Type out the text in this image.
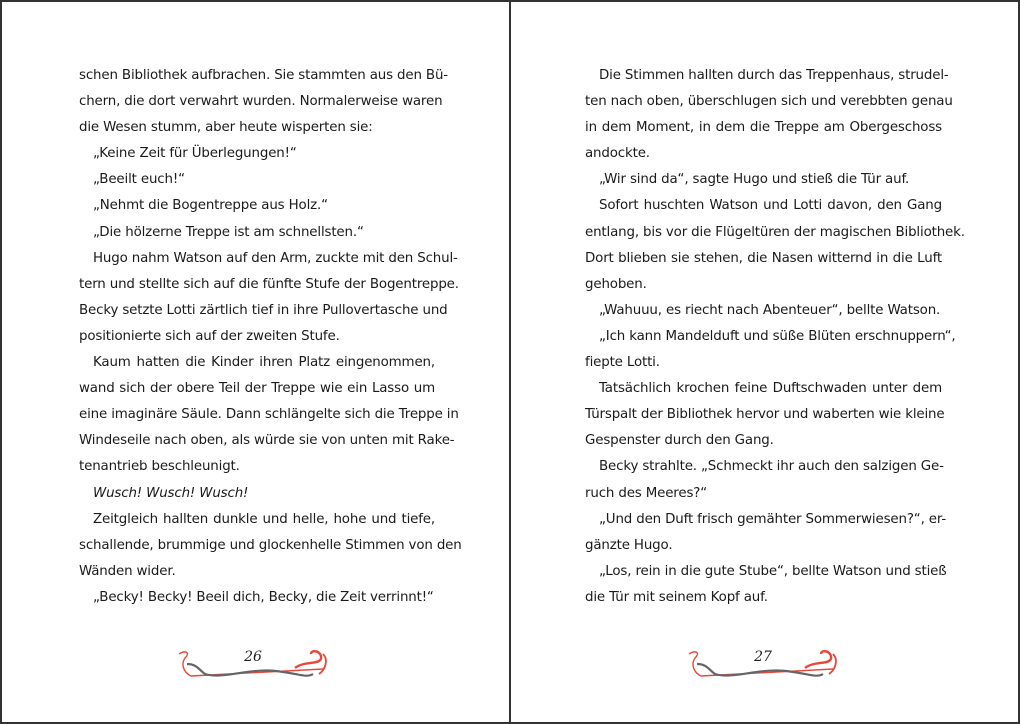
schen Bibliothek aufbrachen. Sie stammten aus den Bü-
chern, die dort verwahrt wurden. Normalerweise waren
die Wesen stumm, aber heute wisperten sie:
„Keine Zeit für Überlegungen!“
„Beeilt euch!“
„Nehmt die Bogentreppe aus Holz.“
„Die hölzerne Treppe ist am schnellsten.“
Hugo nahm Watson auf den Arm, zuckte mit den Schul-
tern und stellte sich auf die fünfte Stufe der Bogentreppe.
Becky setzte Lotti zärtlich tief in ihre Pullovertasche und
positionierte sich auf der zweiten Stufe.
Kaum hatten die Kinder ihren Platz eingenommen,
wand sich der obere Teil der Treppe wie ein Lasso um
eine imaginäre Säule. Dann schlängelte sich die Treppe in
Windeseile nach oben, als würde sie von unten mit Rake-
tenantrieb beschleunigt.
Wusch! Wusch! Wusch!
Zeitgleich hallten dunkle und helle, hohe und tiefe,
schallende, brummige und glockenhelle Stimmen von den
Wänden wider.
„Becky! Becky! Beeil dich, Becky, die Zeit verrinnt!“
26
Die Stimmen hallten durch das Treppenhaus, strudel-
ten nach oben, überschlugen sich und verebbten genau
in dem Moment, in dem die Treppe am Obergeschoss
andockte.
„Wir sind da“, sagte Hugo und stieß die Tür auf.
Sofort huschten Watson und Lotti davon, den Gang
entlang, bis vor die Flügeltüren der magischen Bibliothek.
Dort blieben sie stehen, die Nasen witternd in die Luft
gehoben.
„Wahuuu, es riecht nach Abenteuer“, bellte Watson.
„Ich kann Mandelduft und süße Blüten erschnuppern“,
fiepte Lotti.
Tatsächlich krochen feine Duftschwaden unter dem
Türspalt der Bibliothek hervor und waberten wie kleine
Gespenster durch den Gang.
Becky strahlte. „Schmeckt ihr auch den salzigen Ge-
ruch des Meeres?“
„Und den Duft frisch gemähter Sommerwiesen?“, er-
gänzte Hugo.
„Los, rein in die gute Stube“, bellte Watson und stieß
die Tür mit seinem Kopf auf.
27
